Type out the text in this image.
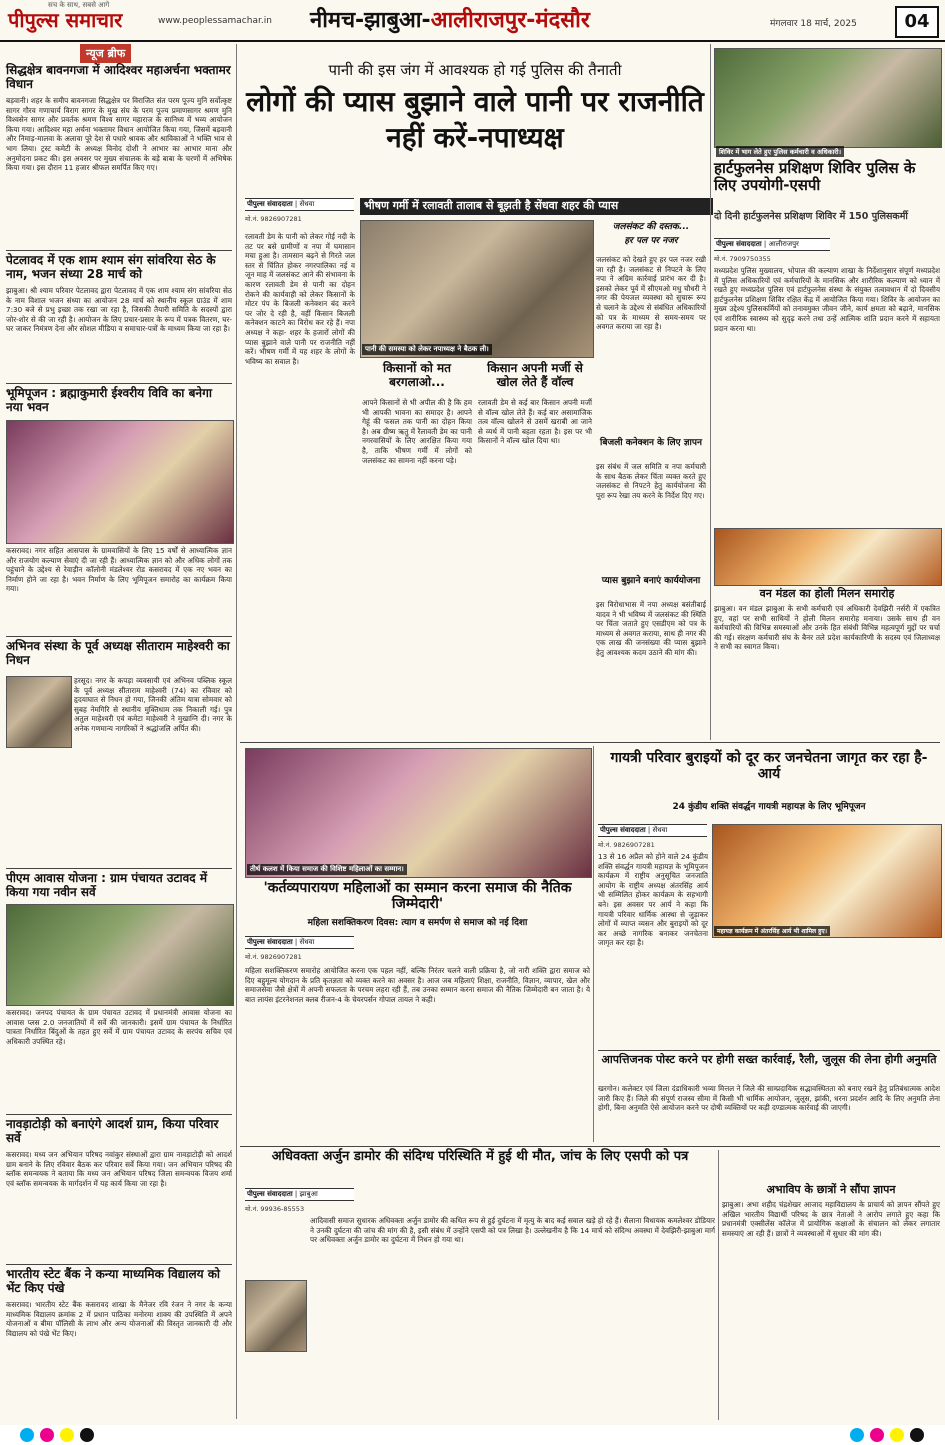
पीपुल्स समाचार
सच के साथ, सबसे आगे
www.peoplessamachar.in नीमच-झाबुआ-आलीराजपुर-मंदसौर	मंगलवार 18 मार्च, 2025	04
न्यूज ब्रीफ
सिद्धक्षेत्र बावनगजा में आदिश्वर महाअर्चना भक्तामर विधान
बड़वानी। शहर के समीप बावनगजा सिद्धक्षेत्र पर विराजित संत परम पूज्य मुनि सर्वोत्कृष्ट सागर गौरव गणाचार्य विराग सागर के मुख संघ के परम पूज्य प्रमाणसागर श्रमण मुनि विश्वसेन सागर और प्रवर्तक श्रमण विश्व सागर महाराज के सानिध्य में भव्य आयोजन किया गया। आदिश्वर महा अर्चना भक्तामर विधान आयोजित किया गया, जिसमें बड़वानी और निमाड़-मालवा के अलावा पूरे देश से पधारे श्रावक और श्राविकाओं ने भक्ति भाव से भाग लिया। ट्रस्ट कमेटी के अध्यक्ष विनोद दोशी ने आभार का आभार माना और अनुमोदना प्रकट की। इस अवसर पर मुख्य संचालक के बड़े बाबा के चरणों में अभिषेक किया गया। इस दौरान 11 हजार श्रीफल समर्पित किए गए।
पेटलावद में एक शाम श्याम संग सांवरिया सेठ के नाम, भजन संध्या 28 मार्च को
झाबुआ। श्री श्याम परिवार पेटलावद द्वारा पेटलावद में एक शाम श्याम संग सांवरिया सेठ के नाम विशाल भजन संध्या का आयोजन 28 मार्च को स्थानीय स्कूल ग्राउंड में शाम 7:30 बजे से प्रभु इच्छा तक रखा जा रहा है, जिसकी तैयारी समिति के सदस्यों द्वारा जोर-शोर से की जा रही है। आयोजन के लिए प्रचार-प्रसार के रूप में पत्रक वितरण, घर-घर जाकर निमंत्रण देना और सोशल मीडिया व समाचार-पत्रों के माध्यम किया जा रहा है।
भूमिपूजन : ब्रह्माकुमारी ईश्वरीय विवि का बनेगा नया भवन
कसरावद। नगर सहित आसपास के ग्रामवासियों के लिए 15 वर्षों से आध्यात्मिक ज्ञान और राजयोग कल्याण सेवाएं दी जा रही हैं। आध्यात्मिक ज्ञान को और अधिक लोगों तक पहुंचाने के उद्देश्य से रेवाड़ीन कॉलोनी मंडलेश्वर रोड कसरावद में एक नए भवन का निर्माण होने जा रहा है। भवन निर्माण के लिए भूमिपूजन समारोह का कार्यक्रम किया गया।
अभिनव संस्था के पूर्व अध्यक्ष सीताराम माहेश्वरी का निधन
हरसूद। नगर के कपड़ा व्यवसायी एवं अभिनव पब्लिक स्कूल के पूर्व अध्यक्ष सीताराम माहेश्वरी (74) का रविवार को हृदयाघात से निधन हो गया, जिनकी अंतिम यात्रा सोमवार को सुबह नेमगिरि से स्थानीय मुक्तिधाम तक निकाली गई। पुत्र अतुल माहेश्वरी एवं कमेटा माहेश्वरी ने मुखाग्नि दी। नगर के अनेक गणमान्य नागरिकों ने श्रद्धांजलि अर्पित की।
पीएम आवास योजना : ग्राम पंचायत उटावद में किया गया नवीन सर्वे
कसरावद। जनपद पंचायत के ग्राम पंचायत उटावद में प्रधानमंत्री आवास योजना का आवास प्लस 2.0 जनजातियों में सर्वे की जानकारी। इसमें ग्राम पंचायत के निर्धारित पात्रता निर्धारित बिंदुओं के तहत हुए सर्वे में ग्राम पंचायत उटावद के सरपंच सचिव एवं अधिकारी उपस्थित रहे।
नावड़ाटोड़ी को बनाएंगे आदर्श ग्राम, किया परिवार सर्वे
कसरावद। मध्य जन अभियान परिषद नवांकुर संस्थाओं द्वारा ग्राम नावड़ाटोड़ी को आदर्श ग्राम बनाने के लिए रविवार बैठक कर परिवार सर्वे किया गया। जन अभियान परिषद की ब्लॉक समन्वयक ने बताया कि मध्य जन अभियान परिषद जिला समन्वयक विजय शर्मा एवं ब्लॉक समन्वयक के मार्गदर्शन में यह कार्य किया जा रहा है।
भारतीय स्टेट बैंक ने कन्या माध्यमिक विद्यालय को भेंट किए पंखे
कसरावद। भारतीय स्टेट बैंक कसरावद शाखा के मैनेजर रवि रंजन ने नगर के कन्या माध्यमिक विद्यालय क्रमांक 2 में प्रधान पाठिका मनोरमा शाक्य की उपस्थिति में अपने योजनाओं व बीमा पॉलिसी के लाभ और अन्य योजनाओं की विस्तृत जानकारी दी और विद्यालय को पंखे भेंट किए।
पानी की इस जंग में आवश्यक हो गई पुलिस की तैनाती
लोगों की प्यास बुझाने वाले पानी पर राजनीति नहीं करें-नपाध्यक्ष
पीपुल्स संवाददाता | सेंधवा
मो.नं. 9826907281
भीषण गर्मी में रलावती तालाब से बूझती है सेंधवा शहर की प्यास
पानी की समस्या को लेकर नपाध्यक्ष ने बैठक ली।
जलसंकट की दस्तक...
हर पल पर नजर
रलावती डेम के पानी को लेकर गोई नदी के तट पर बसे ग्रामीणों व नपा में घमासान मचा हुआ है। तामसान बढ़ने से गिरते जल स्तर से चिंतित होकर नगरपालिका नई व जून माह में जलसंकट आने की संभावना के कारण रलावती डेम से पानी का दोहन रोकने की कार्यवाही को लेकर किसानों के मोटर पंप के बिजली कनेक्शन बंद करने पर जोर दे रही है, वहीं किसान बिजली कनेक्शन काटने का विरोध कर रहे हैं। नपा अध्यक्ष ने कहा- शहर के हजारों लोगों की प्यास बुझाने वाले पानी पर राजनीति नहीं करें। भीषण गर्मी में यह शहर के लोगों के भविष्य का सवाल है।
जलसंकट को देखते हुए हर पल नजर रखी जा रही है। जलसंकट से निपटने के लिए नपा ने अग्रिम कार्रवाई प्रारंभ कर दी है। इसको लेकर पूर्व में सीएमओ मधु चौधरी ने नगर की पेयजल व्यवस्था को सुचारू रूप से चलाने के उद्देश्य से संबंधित अधिकारियों को पत्र के माध्यम से समय-समय पर अवगत कराया जा रहा है।
किसानों को मत बरगलाओ...
आपने किसानों से भी अपील की है कि हम भी आपकी भावना का समादर है। आपने गेहूं की फसल तक पानी का दोहन किया है। अब ग्रीष्म ऋतु में रैलावती डेम का पानी नगरवासियों के लिए आरक्षित किया गया है, ताकि भीषण गर्मी में लोगों को जलसंकट का सामना नहीं करना पड़े।
किसान अपनी मर्जी से खोल लेते हैं वॉल्व
रलावती डेम से कई बार किसान अपनी मर्जी से वॉल्व खोल लेते हैं। कई बार असामाजिक तत्व वॉल्व खोलने से उसमें खराबी आ जाने से व्यर्थ में पानी बहता रहता है। इस पर भी किसानों ने वॉल्व खोल दिया था।	बिजली कनेक्शन के लिए ज्ञापन
इस संबंध में जल समिति व नपा कर्मचारी के साथ बैठक लेकर चिंता व्यक्त करते हुए जलसंकट से निपटने हेतु कार्ययोजना की पूरा रूप रेखा तय करने के निर्देश दिए गए।
प्यास बुझाने बनाएं कार्ययोजना
इस विरोधाभास में नपा अध्यक्ष बसंतीबाई यादव ने भी भविष्य में जलसंकट की स्थिति पर चिंता जताते हुए एसडीएम को पत्र के माध्यम से अवगत कराया, साथ ही नगर की एक लाख की जनसंख्या की प्यास बुझाने हेतु आवश्यक कदम उठाने की मांग की।
शिविर में भाग लेते हुए पुलिस कर्मचारी व अधिकारी।
हार्टफुलनेस प्रशिक्षण शिविर पुलिस के लिए उपयोगी-एसपी
दो दिनी हार्टफुलनेस प्रशिक्षण शिविर में 150 पुलिसकर्मी
पीपुल्स संवाददाता | आलीराजपुर
मो.नं. 7909750355
मध्यप्रदेश पुलिस मुख्यालय, भोपाल की कल्याण शाखा के निर्देशानुसार संपूर्ण मध्यप्रदेश में पुलिस अधिकारियों एवं कर्मचारियों के मानसिक और शारीरिक कल्याण को ध्यान में रखते हुए मध्यप्रदेश पुलिस एवं हार्टफुलनेस संस्था के संयुक्त तत्वावधान में दो दिवसीय हार्टफुलनेस प्रशिक्षण शिविर रक्षित केंद्र में आयोजित किया गया। शिविर के आयोजन का मुख्य उद्देश्य पुलिसकर्मियों को तनावमुक्त जीवन जीने, कार्य क्षमता को बढ़ाने, मानसिक एवं शारीरिक स्वास्थ्य को सुदृढ़ करने तथा उन्हें आत्मिक शांति प्रदान करने में सहायता प्रदान करना था।
वन मंडल का होली मिलन समारोह
झाबुआ। वन मंडल झाबुआ के सभी कर्मचारी एवं अधिकारी देवझिरी नर्सरी में एकत्रित हुए, वहां पर सभी साथियों ने होली मिलन समारोह मनाया। उसके साथ ही वन कर्मचारियों की विभिन्न समस्याओं और उनके हित संबंधी विभिन्न महत्वपूर्ण मुद्दों पर चर्चा की गई। संरक्षण कर्मचारी संघ के बैनर तले प्रदेश कार्यकारिणी के सदस्य एवं जिलाध्यक्ष ने सभी का स्वागत किया।
तीर्थ कलश में किया समाज की विशिष्ट महिलाओं का सम्मान।
'कर्तव्यपारायण महिलाओं का सम्मान करना समाज की नैतिक जिम्मेदारी'
महिला सशक्तिकरण दिवस: त्याग व समर्पण से समाज को नई दिशा
पीपुल्स संवाददाता | सेंधवा
मो.नं. 9826907281
महिला सशक्तिकरण समारोह आयोजित करना एक पहल नहीं, बल्कि निरंतर चलने वाली प्रक्रिया है, जो नारी शक्ति द्वारा समाज को दिए बहुमूल्य योगदान के प्रति कृतज्ञता को व्यक्त करने का अवसर है। आज जब महिलाएं शिक्षा, राजनीति, विज्ञान, व्यापार, खेल और समाजसेवा जैसे क्षेत्रों में अपनी सफलता के परचम लहरा रही हैं, तब उनका सम्मान करना समाज की नैतिक जिम्मेदारी बन जाता है। ये बात लायंस इंटरनेशनल क्लब रीजन-4 के चेयरपर्सन गोपाल तायल ने कही।
गायत्री परिवार बुराइयों को दूर कर जनचेतना जागृत कर रहा है- आर्य
24 कुंडीय शक्ति संवर्द्धन गायत्री महायज्ञ के लिए भूमिपूजन
पीपुल्स संवाददाता | सेंधवा
मो.नं. 9826907281
13 से 16 अप्रैल को होने वाले 24 कुंडीय शक्ति संवर्द्धन गायत्री महायज्ञ के भूमिपूजन कार्यक्रम में राष्ट्रीय अनुसूचित जनजाति आयोग के राष्ट्रीय अध्यक्ष अंतरसिंह आर्य भी सम्मिलित होकर कार्यक्रम के सहभागी बने। इस अवसर पर आर्य ने कहा कि गायत्री परिवार धार्मिक आस्था से जुड़ाकर लोगों में व्याप्त व्यसन और बुराइयों को दूर कर अच्छे नागरिक बनाकर जनचेतना जागृत कर रहा है।
महायज्ञ कार्यक्रम में अंतरसिंह आर्य भी शामिल हुए।
आपत्तिजनक पोस्ट करने पर होगी सख्त कार्रवाई, रैली, जुलूस की लेना होगी अनुमति
खरगोन। कलेक्टर एवं जिला दंडाधिकारी भव्या मित्तल ने जिले की साम्प्रदायिक सद्भावस्थितता को बनाए रखने हेतु प्रतिबंधात्मक आदेश जारी किए हैं। जिले की संपूर्ण राजस्व सीमा में किसी भी धार्मिक आयोजन, जुलूस, झांकी, धरना प्रदर्शन आदि के लिए अनुमति लेना होगी, बिना अनुमति ऐसे आयोजन करने पर दोषी व्यक्तियों पर कड़ी दण्डात्मक कार्रवाई की जाएगी।
अधिवक्ता अर्जुन डामोर की संदिग्ध परिस्थिति में हुई थी मौत, जांच के लिए एसपी को पत्र
पीपुल्स संवाददाता | झाबुआ
मो.नं. 99936-85553
आदिवासी समाज सुधारक अधिवक्ता अर्जुन डामोर की कथित रूप से हुई दुर्घटना में मृत्यु के बाद कई सवाल खड़े हो रहे हैं। सैलाना विधायक कमलेश्वर डोडियार ने उनकी दुर्घटना की जांच की मांग की है, इसी संबंध में उन्होंने एसपी को पत्र लिखा है। उल्लेखनीय है कि 14 मार्च को संदिग्ध अवस्था में देवझिरी-झाबुआ मार्ग पर अधिवक्ता अर्जुन डामोर का दुर्घटना में निधन हो गया था।
अभाविप के छात्रों ने सौंपा ज्ञापन
झाबुआ। अभा शहीद चंद्रशेखर आजाद महाविद्यालय के प्राचार्य को ज्ञापन सौंपते हुए अखिल भारतीय विद्यार्थी परिषद के छात्र नेताओं ने आरोप लगाते हुए कहा कि प्रधानमंत्री एक्सीलेंस कॉलेज में प्रायोगिक कक्षाओं के संचालन को लेकर लगातार समस्याएं आ रही हैं। छात्रों ने व्यवस्थाओं में सुधार की मांग की।
